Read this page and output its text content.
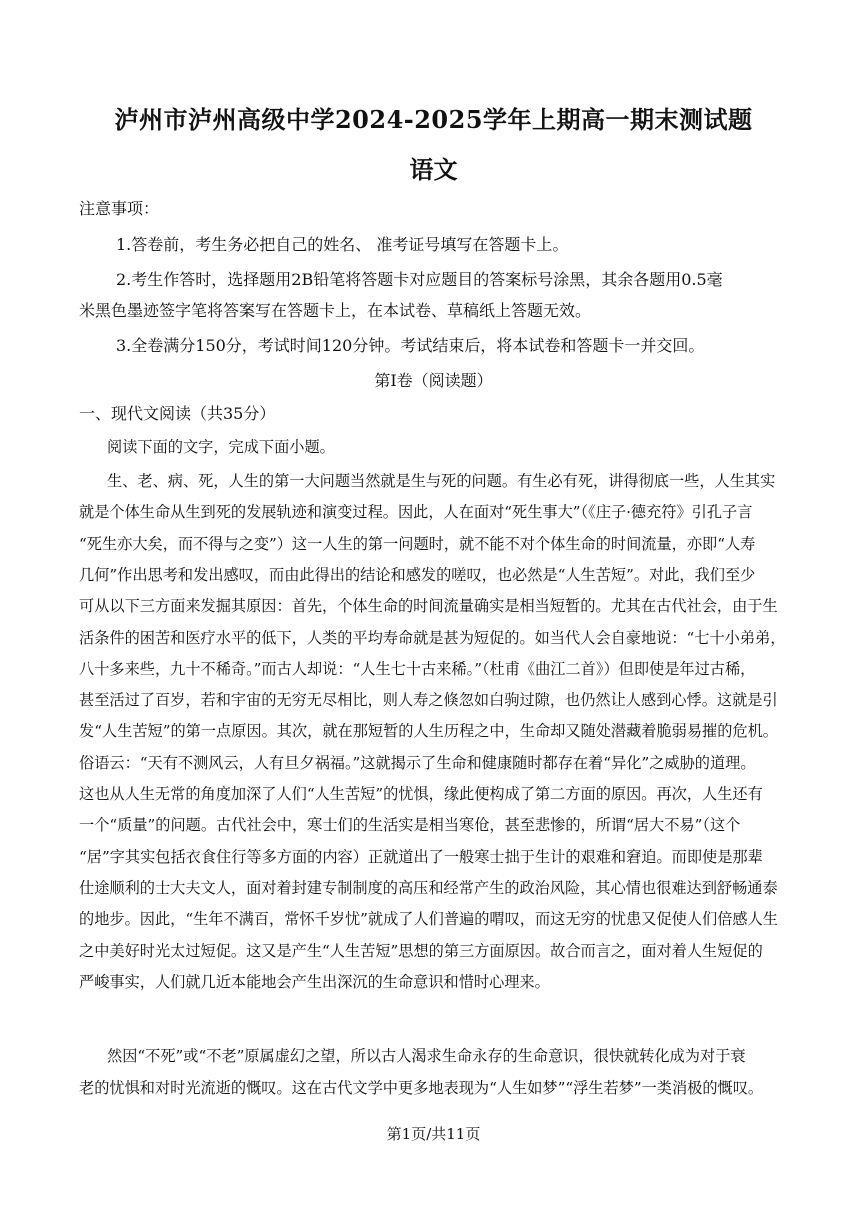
泸州市泸州高级中学2024-2025学年上期高一期末测试题
语文
注意事项：
1.答卷前，考生务必把自己的姓名、 准考证号填写在答题卡上。
2.考生作答时，选择题用2B铅笔将答题卡对应题目的答案标号涂黑，其余各题用0.5毫
米黑色墨迹签字笔将答案写在答题卡上，在本试卷、草稿纸上答题无效。
3.全卷满分150分，考试时间120分钟。考试结束后，将本试卷和答题卡一并交回。
第Ⅰ卷（阅读题）
一、现代文阅读（共35分）
阅读下面的文字，完成下面小题。
生、老、病、死，人生的第一大问题当然就是生与死的问题。有生必有死，讲得彻底一些，人生其实
就是个体生命从生到死的发展轨迹和演变过程。因此，人在面对“死生事大”（《庄子·德充符》引孔子言
“死生亦大矣，而不得与之变”）这一人生的第一问题时，就不能不对个体生命的时间流量，亦即“人寿
几何”作出思考和发出感叹，而由此得出的结论和感发的嗟叹，也必然是“人生苦短”。对此，我们至少
可从以下三方面来发掘其原因：首先，个体生命的时间流量确实是相当短暂的。尤其在古代社会，由于生
活条件的困苦和医疗水平的低下，人类的平均寿命就是甚为短促的。如当代人会自豪地说：“七十小弟弟，
八十多来些，九十不稀奇。”而古人却说：“人生七十古来稀。”（杜甫《曲江二首》）但即使是年过古稀，
甚至活过了百岁，若和宇宙的无穷无尽相比，则人寿之倏忽如白驹过隙，也仍然让人感到心悸。这就是引
发“人生苦短”的第一点原因。其次，就在那短暂的人生历程之中，生命却又随处潜藏着脆弱易摧的危机。
俗语云：“天有不测风云，人有旦夕祸福。”这就揭示了生命和健康随时都存在着“异化”之威胁的道理。
这也从人生无常的角度加深了人们“人生苦短”的忧惧，缘此便构成了第二方面的原因。再次，人生还有
一个“质量”的问题。古代社会中，寒士们的生活实是相当寒伧，甚至悲惨的，所谓“居大不易”（这个
“居”字其实包括衣食住行等多方面的内容）正就道出了一般寒士拙于生计的艰难和窘迫。而即使是那辈
仕途顺利的士大夫文人，面对着封建专制制度的高压和经常产生的政治风险，其心情也很难达到舒畅通泰
的地步。因此，“生年不满百，常怀千岁忧”就成了人们普遍的喟叹，而这无穷的忧患又促使人们倍感人生
之中美好时光太过短促。这又是产生“人生苦短”思想的第三方面原因。故合而言之，面对着人生短促的
严峻事实，人们就几近本能地会产生出深沉的生命意识和惜时心理来。
然因“不死”或“不老”原属虚幻之望，所以古人渴求生命永存的生命意识，很快就转化成为对于衰
老的忧惧和对时光流逝的慨叹。这在古代文学中更多地表现为“人生如梦”“浮生若梦”一类消极的慨叹。
第1页/共11页
